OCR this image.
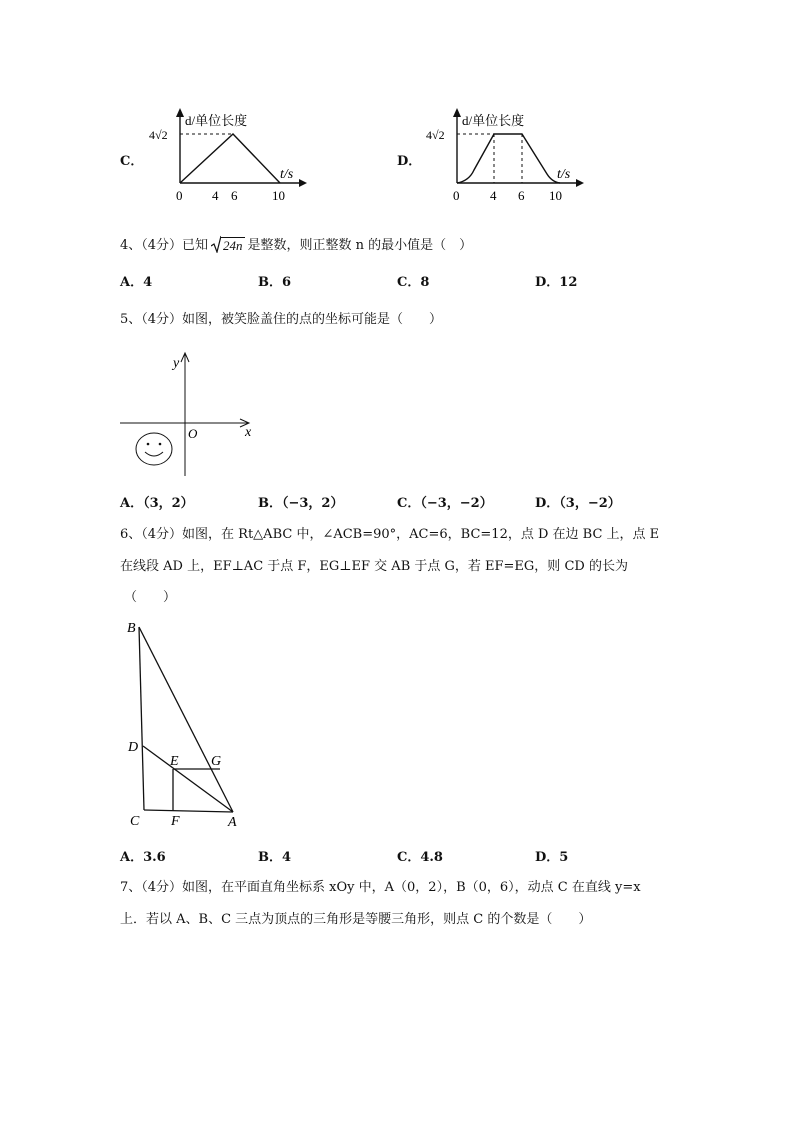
C．
d/单位长度
4√2
t/s
0 4 6	10
D．
d/单位长度
4√2
t/s
0 4 6 10
4、（4分）已知 24n 是整数，则正整数 n 的最小值是（　）
A．4	B．6	C．8	D．12
5、（4分）如图，被笑脸盖住的点的坐标可能是（　　）
y
x
O
A．（3，2）	B．（−3，2）	C．（−3，−2）	D．（3，−2）
6、（4分）如图，在 Rt△ABC 中，∠ACB=90°，AC=6，BC=12，点 D 在边 BC 上，点 E
在线段 AD 上，EF⊥AC 于点 F，EG⊥EF 交 AB 于点 G，若 EF=EG，则 CD 的长为
（　　）
B
D
E G
C F	A
A．3.6	B．4	C．4.8	D．5
7、（4分）如图，在平面直角坐标系 xOy 中，A（0，2），B（0，6），动点 C 在直线 y=x
上．若以 A、B、C 三点为顶点的三角形是等腰三角形，则点 C 的个数是（　　）
